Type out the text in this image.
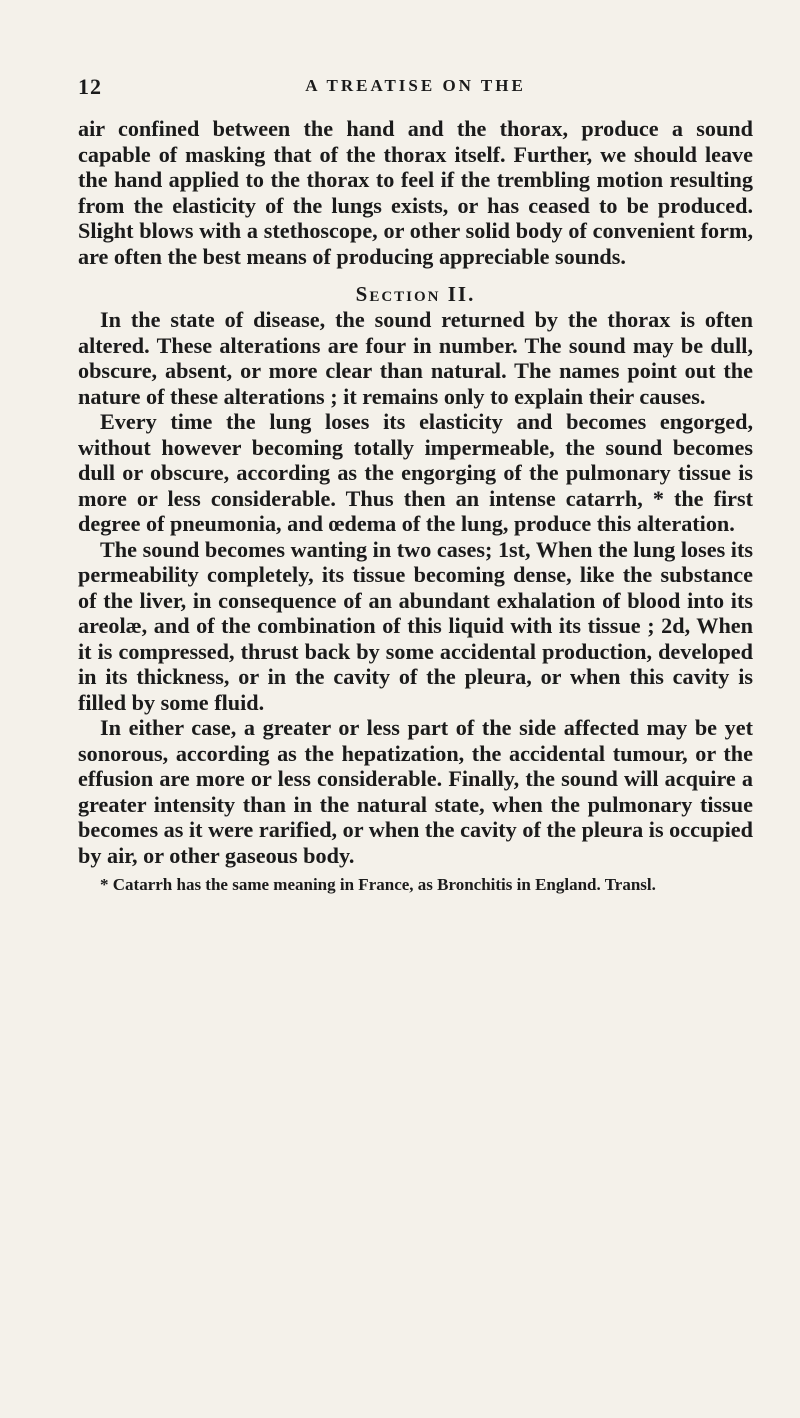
12	A TREATISE ON THE

air confined between the hand and the thorax, produce a sound capable of masking that of the thorax itself. Further, we should leave the hand applied to the thorax to feel if the trembling motion resulting from the elasticity of the lungs exists, or has ceased to be produced. Slight blows with a stethoscope, or other solid body of convenient form, are often the best means of producing appreciable sounds.

Section II.

In the state of disease, the sound returned by the thorax is often altered. These alterations are four in number. The sound may be dull, obscure, absent, or more clear than natural. The names point out the nature of these alterations ; it remains only to explain their causes.

Every time the lung loses its elasticity and becomes engorged, without however becoming totally impermeable, the sound becomes dull or obscure, according as the engorging of the pulmonary tissue is more or less considerable. Thus then an intense catarrh, * the first degree of pneumonia, and œdema of the lung, produce this alteration.

The sound becomes wanting in two cases; 1st, When the lung loses its permeability completely, its tissue becoming dense, like the substance of the liver, in consequence of an abundant exhalation of blood into its areolæ, and of the combination of this liquid with its tissue ; 2d, When it is compressed, thrust back by some accidental production, developed in its thickness, or in the cavity of the pleura, or when this cavity is filled by some fluid.

In either case, a greater or less part of the side affected may be yet sonorous, according as the hepatization, the accidental tumour, or the effusion are more or less considerable. Finally, the sound will acquire a greater intensity than in the natural state, when the pulmonary tissue becomes as it were rarified, or when the cavity of the pleura is occupied by air, or other gaseous body.

* Catarrh has the same meaning in France, as Bronchitis in England. Transl.
